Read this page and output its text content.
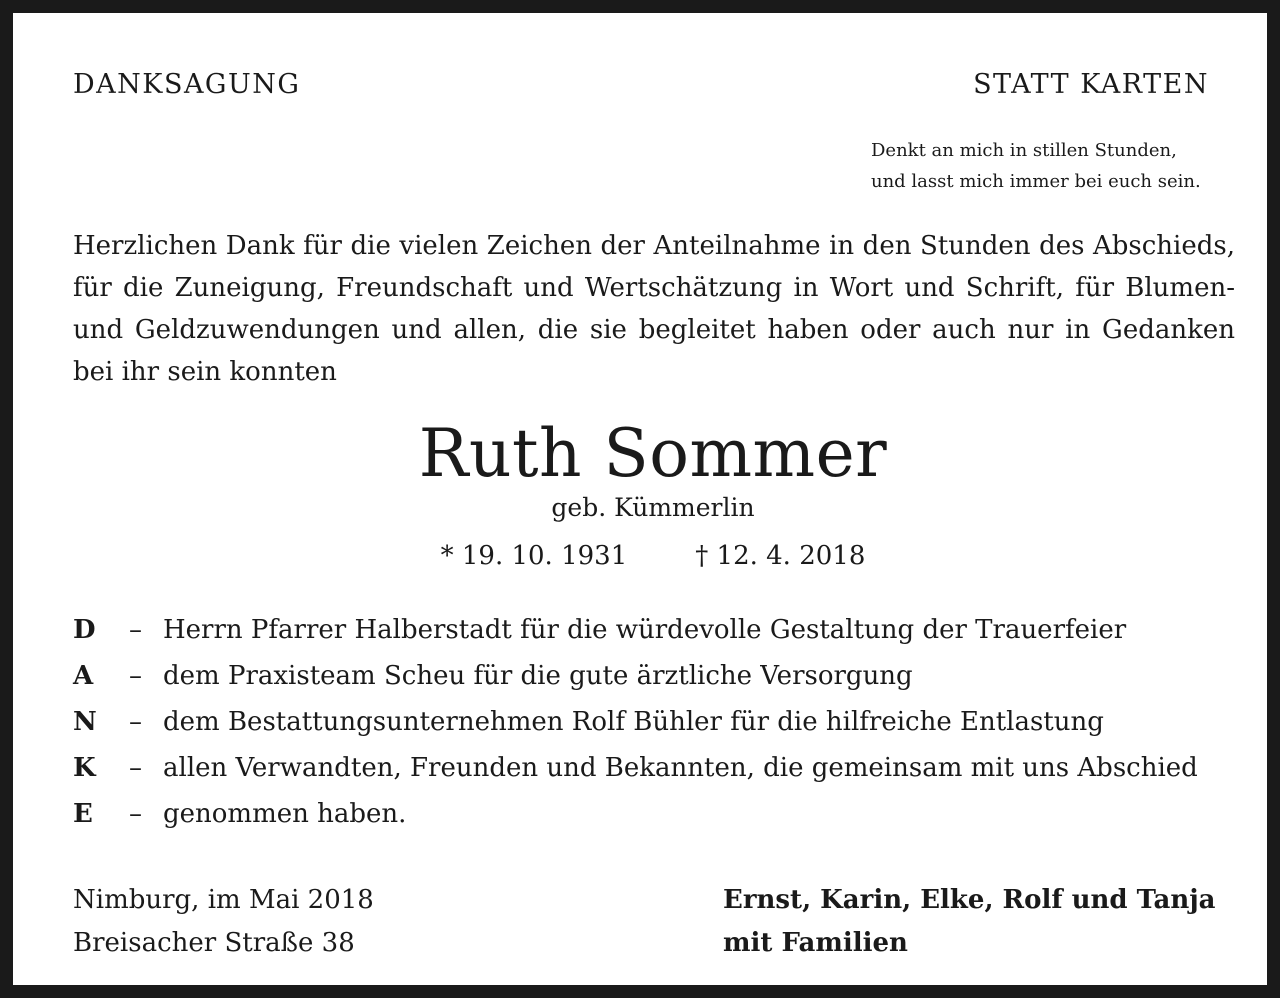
DANKSAGUNG	STATT KARTEN
Denkt an mich in stillen Stunden,
und lasst mich immer bei euch sein.
Herzlichen Dank für die vielen Zeichen der Anteilnahme in den Stunden des Abschieds,
für die Zuneigung, Freundschaft und Wertschätzung in Wort und Schrift, für Blumen-
und Geldzuwendungen und allen, die sie begleitet haben oder auch nur in Gedanken
bei ihr sein konnten
Ruth Sommer
geb. Kümmerlin
* 19. 10. 1931	† 12. 4. 2018
D	– Herrn Pfarrer Halberstadt für die würdevolle Gestaltung der Trauerfeier
A	– dem Praxisteam Scheu für die gute ärztliche Versorgung
N	– dem Bestattungsunternehmen Rolf Bühler für die hilfreiche Entlastung
K	– allen Verwandten, Freunden und Bekannten, die gemeinsam mit uns Abschied
E	– genommen haben.
Nimburg, im Mai 2018
Breisacher Straße 38
Ernst, Karin, Elke, Rolf und Tanja
mit Familien
